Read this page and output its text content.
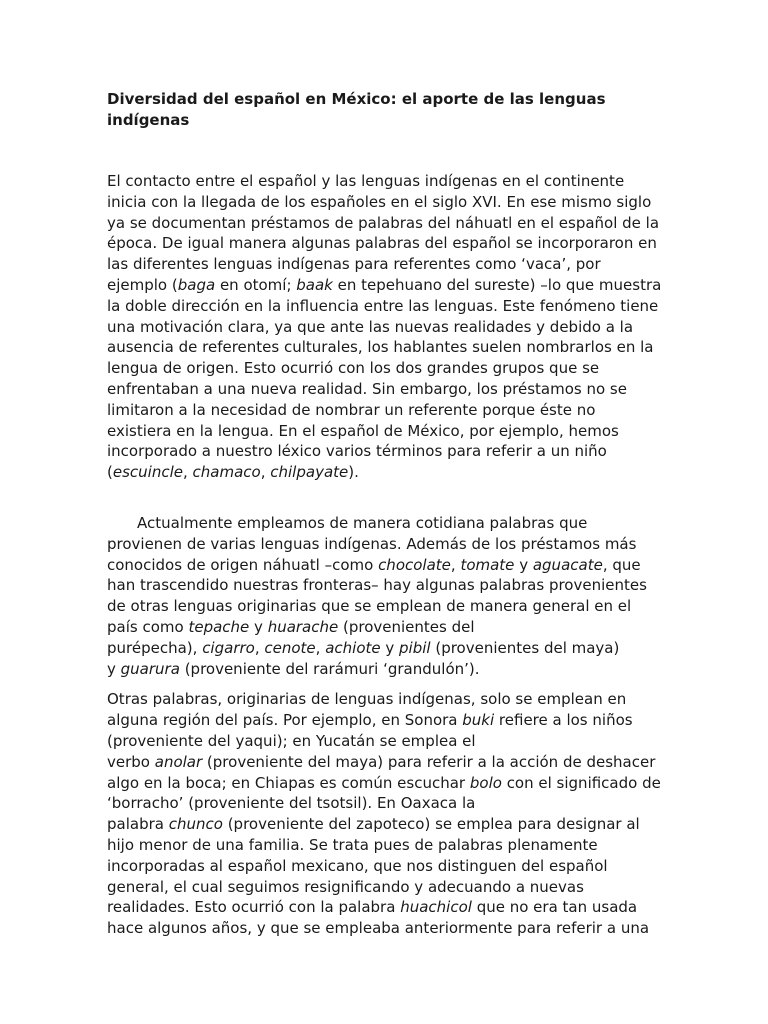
Diversidad del español en México: el aporte de las lenguas indígenas

El contacto entre el español y las lenguas indígenas en el continente inicia con la llegada de los españoles en el siglo XVI. En ese mismo siglo ya se documentan préstamos de palabras del náhuatl en el español de la época. De igual manera algunas palabras del español se incorporaron en las diferentes lenguas indígenas para referentes como ‘vaca’, por ejemplo (baga en otomí; baak en tepehuano del sureste) –lo que muestra la doble dirección en la influencia entre las lenguas. Este fenómeno tiene una motivación clara, ya que ante las nuevas realidades y debido a la ausencia de referentes culturales, los hablantes suelen nombrarlos en la lengua de origen. Esto ocurrió con los dos grandes grupos que se enfrentaban a una nueva realidad. Sin embargo, los préstamos no se limitaron a la necesidad de nombrar un referente porque éste no existiera en la lengua. En el español de México, por ejemplo, hemos incorporado a nuestro léxico varios términos para referir a un niño (escuincle, chamaco, chilpayate).

Actualmente empleamos de manera cotidiana palabras que provienen de varias lenguas indígenas. Además de los préstamos más conocidos de origen náhuatl –como chocolate, tomate y aguacate, que han trascendido nuestras fronteras– hay algunas palabras provenientes de otras lenguas originarias que se emplean de manera general en el país como tepache y huarache (provenientes del
purépecha), cigarro, cenote, achiote y pibil (provenientes del maya)
y guarura (proveniente del rarámuri ‘grandulón’).

Otras palabras, originarias de lenguas indígenas, solo se emplean en alguna región del país. Por ejemplo, en Sonora buki refiere a los niños (proveniente del yaqui); en Yucatán se emplea el
verbo anolar (proveniente del maya) para referir a la acción de deshacer algo en la boca; en Chiapas es común escuchar bolo con el significado de ‘borracho’ (proveniente del tsotsil). En Oaxaca la
palabra chunco (proveniente del zapoteco) se emplea para designar al hijo menor de una familia. Se trata pues de palabras plenamente incorporadas al español mexicano, que nos distinguen del español general, el cual seguimos resignificando y adecuando a nuevas realidades. Esto ocurrió con la palabra huachicol que no era tan usada hace algunos años, y que se empleaba anteriormente para referir a una
